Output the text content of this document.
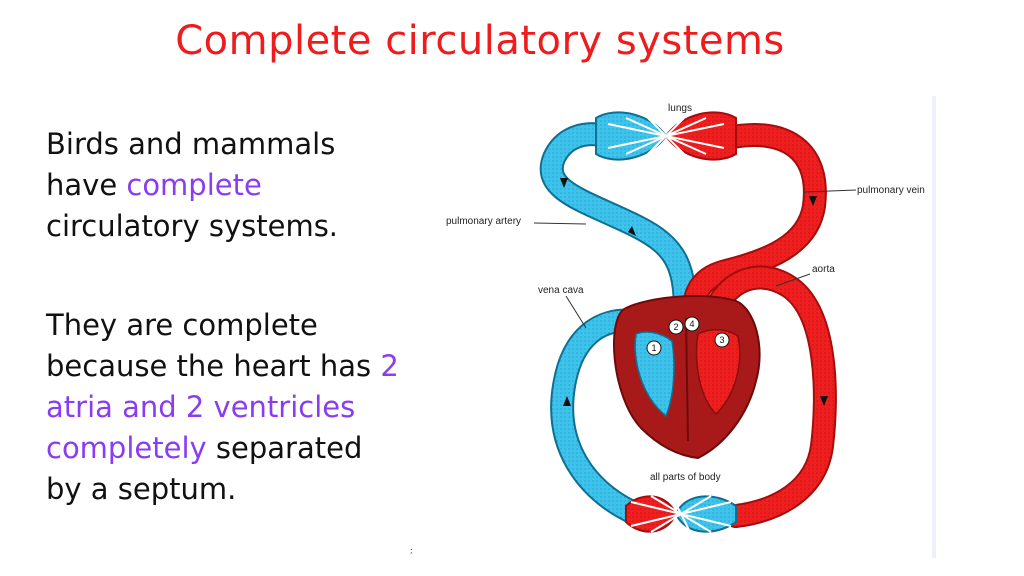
Complete circulatory systems
Birds and mammals have complete circulatory systems.
They are complete because the heart has 2 atria and 2 ventricles completely separated by a septum.
1
2
3
4
lungs
pulmonary vein
pulmonary artery
aorta
vena cava
all parts of body
;
